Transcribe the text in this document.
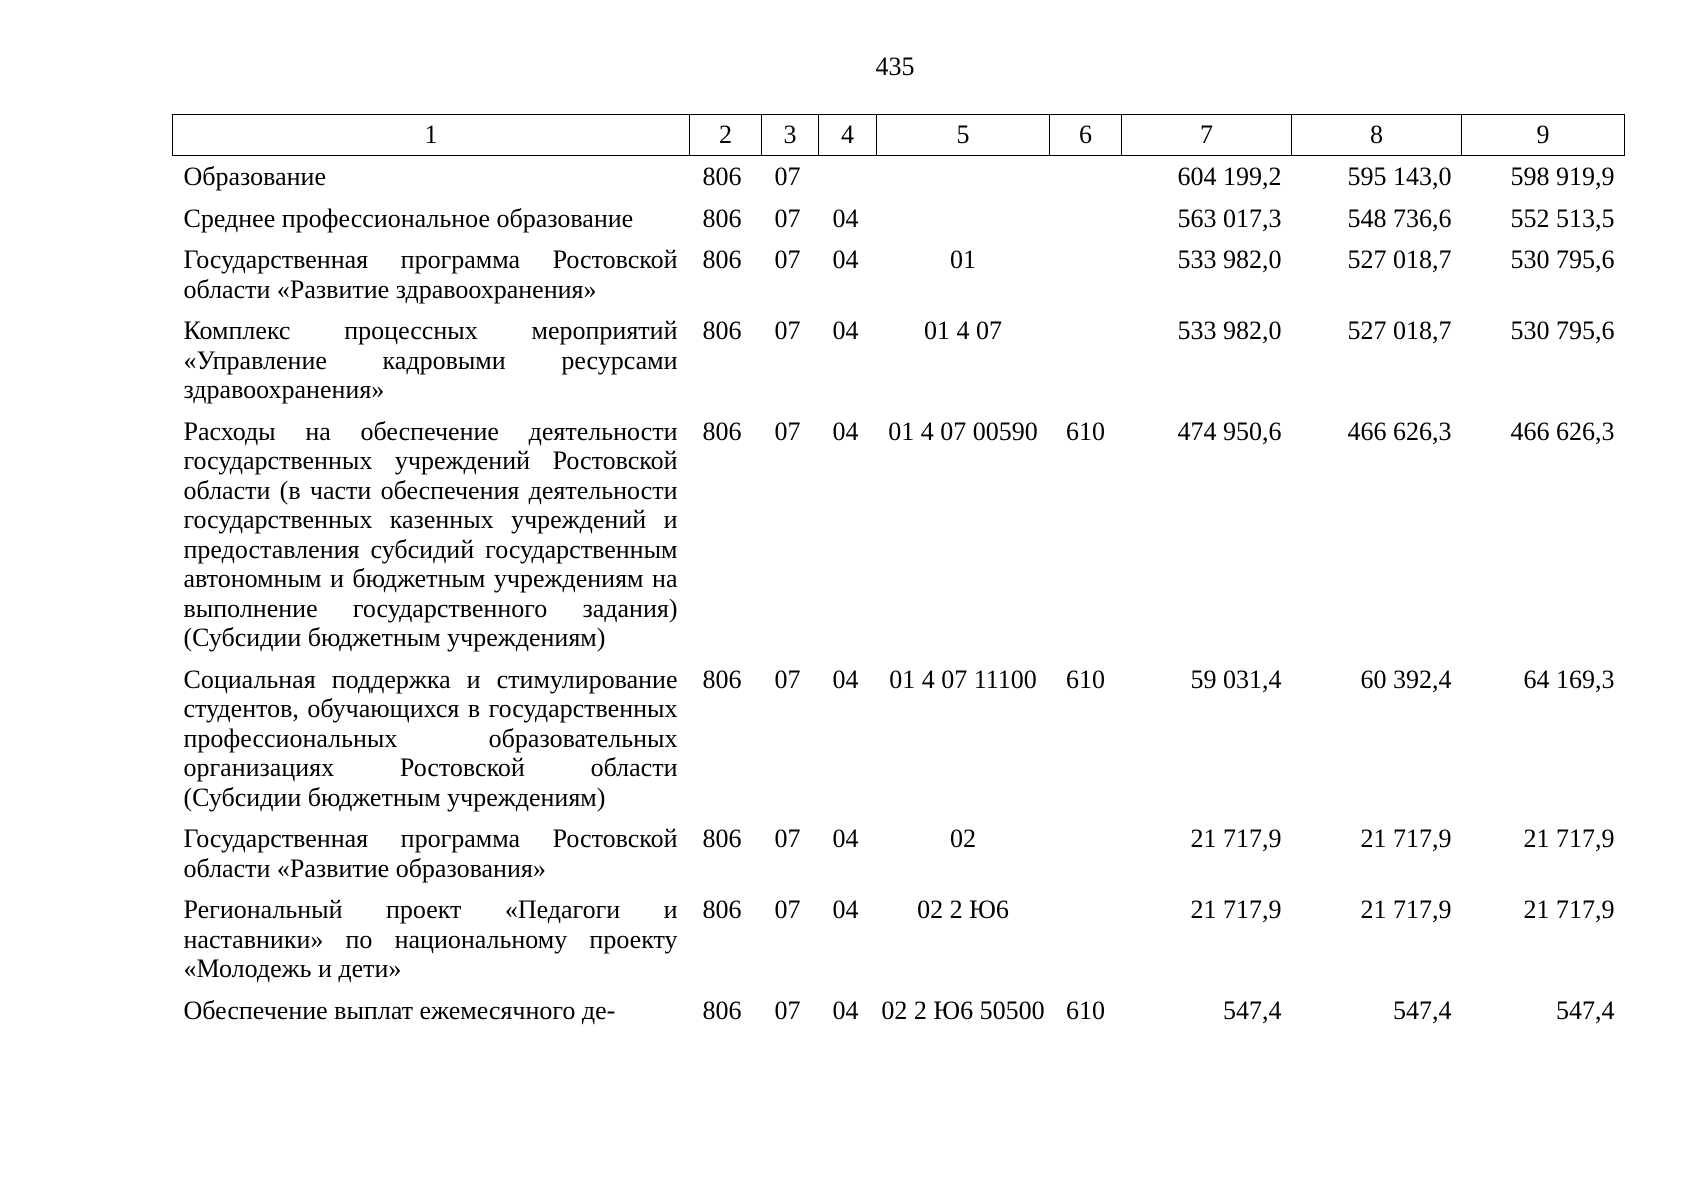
435
1	2	3	4	5	6	7	8	9
Образование	806	07				604 199,2	595 143,0	598 919,9
Среднее профессиональное образование	806	07	04			563 017,3	548 736,6	552 513,5
Государственная программа Ростовской области «Развитие здравоохранения»	806	07	04	01		533 982,0	527 018,7	530 795,6
Комплекс процессных мероприятий «Управление кадровыми ресурсами здравоохранения»	806	07	04	01 4 07		533 982,0	527 018,7	530 795,6
Расходы на обеспечение деятельности государственных учреждений Ростовской области (в части обеспечения деятельности государственных казенных учреждений и предоставления субсидий государственным автономным и бюджетным учреждениям на выполнение государственного задания) (Субсидии бюджетным учреждениям)	806	07	04	01 4 07 00590	610	474 950,6	466 626,3	466 626,3
Социальная поддержка и стимулирование студентов, обучающихся в государственных профессиональных образовательных организациях Ростовской области (Субсидии бюджетным учреждениям)	806	07	04	01 4 07 11100	610	59 031,4	60 392,4	64 169,3
Государственная программа Ростовской области «Развитие образования»	806	07	04	02		21 717,9	21 717,9	21 717,9
Региональный проект «Педагоги и наставники» по национальному проекту «Молодежь и дети»	806	07	04	02 2 Ю6		21 717,9	21 717,9	21 717,9
Обеспечение выплат ежемесячного де-	806	07	04	02 2 Ю6 50500	610	547,4	547,4	547,4
